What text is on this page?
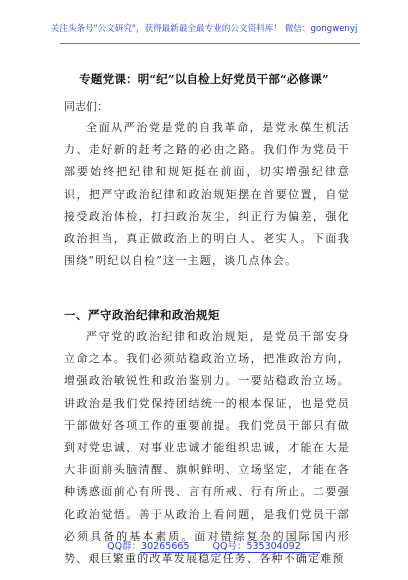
关注头条号"公文研究"，获得最新最全最专业的公文资料库！ 微信：gongwenyj
专题党课：明“纪”以自检上好党员干部“必修课”
同志们：

全面从严治党是党的自我革命，是党永葆生机活力、走好新的赶考之路的必由之路。我们作为党员干部要始终把纪律和规矩挺在前面，切实增强纪律意识，把严守政治纪律和政治规矩摆在首要位置，自觉接受政治体检，打扫政治灰尘，纠正行为偏差，强化政治担当，真正做政治上的明白人、老实人。下面我围绕“明纪以自检”这一主题，谈几点体会。

一、严守政治纪律和政治规矩

严守党的政治纪律和政治规矩，是党员干部安身立命之本。我们必须站稳政治立场，把准政治方向，增强政治敏锐性和政治鉴别力。一要站稳政治立场。讲政治是我们党保持团结统一的根本保证，也是党员干部做好各项工作的重要前提。我们党员干部只有做到对党忠诚，对事业忠诚才能组织忠诚，才能在大是大非面前头脑清醒、旗帜鲜明、立场坚定，才能在各种诱惑面前心有所畏、言有所戒、行有所止。二要强化政治觉悟。善于从政治上看问题，是我们党员干部必须具备的基本素质。面对错综复杂的国际国内形势、艰巨繁重的改革发展稳定任务、各种不确定难预

QQ群：30265665 QQ号：535304092
